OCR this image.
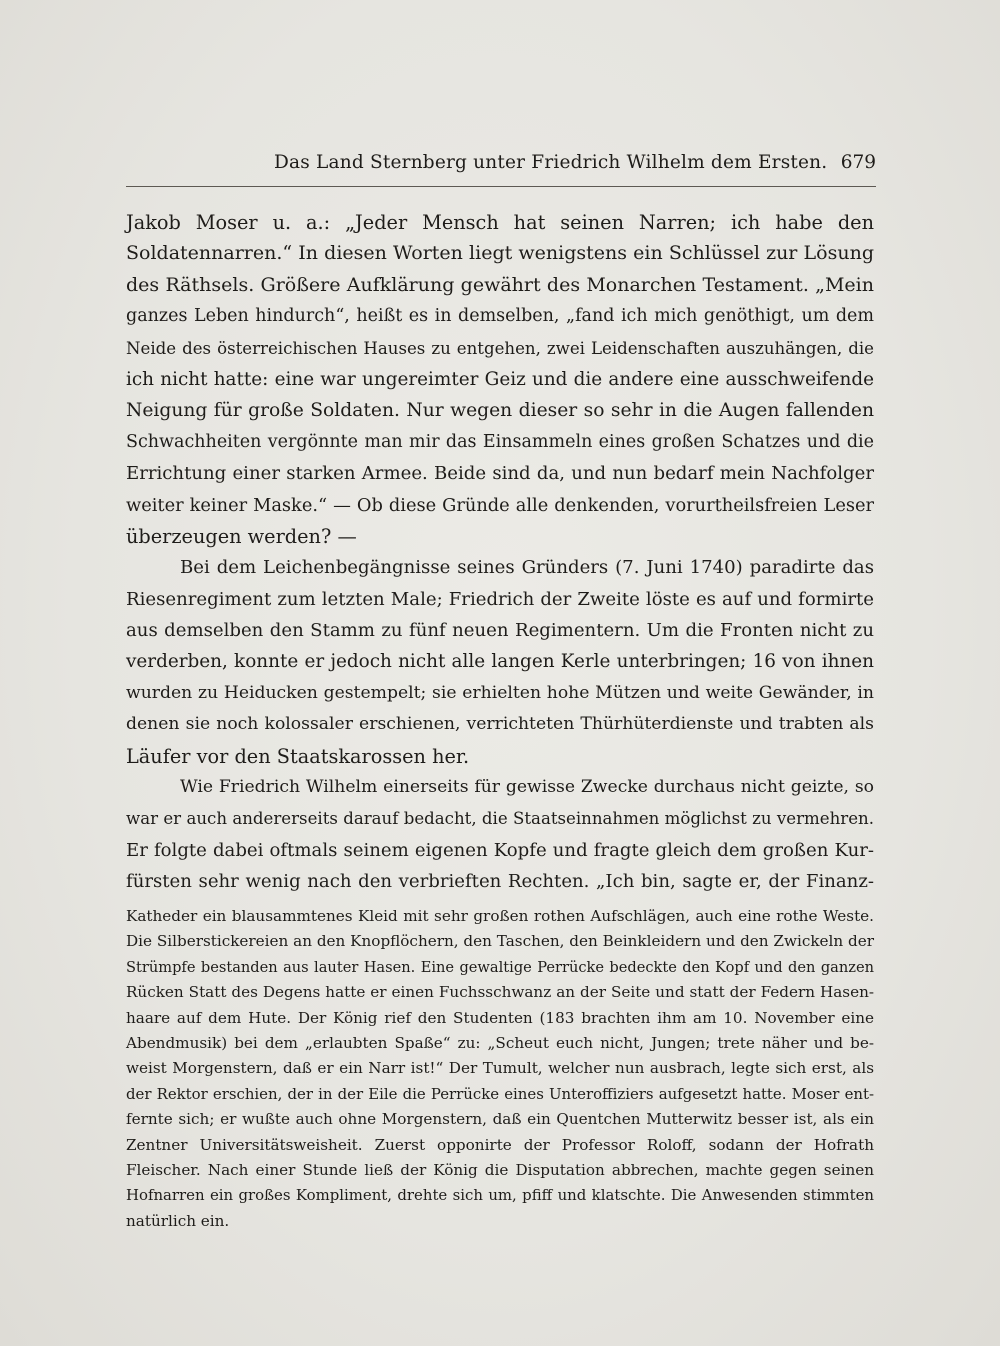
Das Land Sternberg unter Friedrich Wilhelm dem Ersten. 679
Jakob Moser u. a.: „Jeder Mensch hat seinen Narren; ich habe den
Soldatennarren.“ In diesen Worten liegt wenigstens ein Schlüssel zur Lösung
des Räthsels. Größere Aufklärung gewährt des Monarchen Testament. „Mein
ganzes Leben hindurch“, heißt es in demselben, „fand ich mich genöthigt, um dem
Neide des österreichischen Hauses zu entgehen, zwei Leidenschaften auszuhängen, die
ich nicht hatte: eine war ungereimter Geiz und die andere eine ausschweifende
Neigung für große Soldaten. Nur wegen dieser so sehr in die Augen fallenden
Schwachheiten vergönnte man mir das Einsammeln eines großen Schatzes und die
Errichtung einer starken Armee. Beide sind da, und nun bedarf mein Nachfolger
weiter keiner Maske.“ — Ob diese Gründe alle denkenden, vorurtheilsfreien Leser
überzeugen werden? —
Bei dem Leichenbegängnisse seines Gründers (7. Juni 1740) paradirte das
Riesenregiment zum letzten Male; Friedrich der Zweite löste es auf und formirte
aus demselben den Stamm zu fünf neuen Regimentern. Um die Fronten nicht zu
verderben, konnte er jedoch nicht alle langen Kerle unterbringen; 16 von ihnen
wurden zu Heiducken gestempelt; sie erhielten hohe Mützen und weite Gewänder, in
denen sie noch kolossaler erschienen, verrichteten Thürhüterdienste und trabten als
Läufer vor den Staatskarossen her.
Wie Friedrich Wilhelm einerseits für gewisse Zwecke durchaus nicht geizte, so
war er auch andererseits darauf bedacht, die Staatseinnahmen möglichst zu vermehren.
Er folgte dabei oftmals seinem eigenen Kopfe und fragte gleich dem großen Kur-
fürsten sehr wenig nach den verbrieften Rechten. „Ich bin, sagte er, der Finanz-
Katheder ein blausammtenes Kleid mit sehr großen rothen Aufschlägen, auch eine rothe Weste.
Die Silberstickereien an den Knopflöchern, den Taschen, den Beinkleidern und den Zwickeln der
Strümpfe bestanden aus lauter Hasen. Eine gewaltige Perrücke bedeckte den Kopf und den ganzen
Rücken Statt des Degens hatte er einen Fuchsschwanz an der Seite und statt der Federn Hasen-
haare auf dem Hute. Der König rief den Studenten (183 brachten ihm am 10. November eine
Abendmusik) bei dem „erlaubten Spaße“ zu: „Scheut euch nicht, Jungen; trete näher und be-
weist Morgenstern, daß er ein Narr ist!“ Der Tumult, welcher nun ausbrach, legte sich erst, als
der Rektor erschien, der in der Eile die Perrücke eines Unteroffiziers aufgesetzt hatte. Moser ent-
fernte sich; er wußte auch ohne Morgenstern, daß ein Quentchen Mutterwitz besser ist, als ein
Zentner Universitätsweisheit. Zuerst opponirte der Professor Roloff, sodann der Hofrath
Fleischer. Nach einer Stunde ließ der König die Disputation abbrechen, machte gegen seinen
Hofnarren ein großes Kompliment, drehte sich um, pfiff und klatschte. Die Anwesenden stimmten
natürlich ein.
